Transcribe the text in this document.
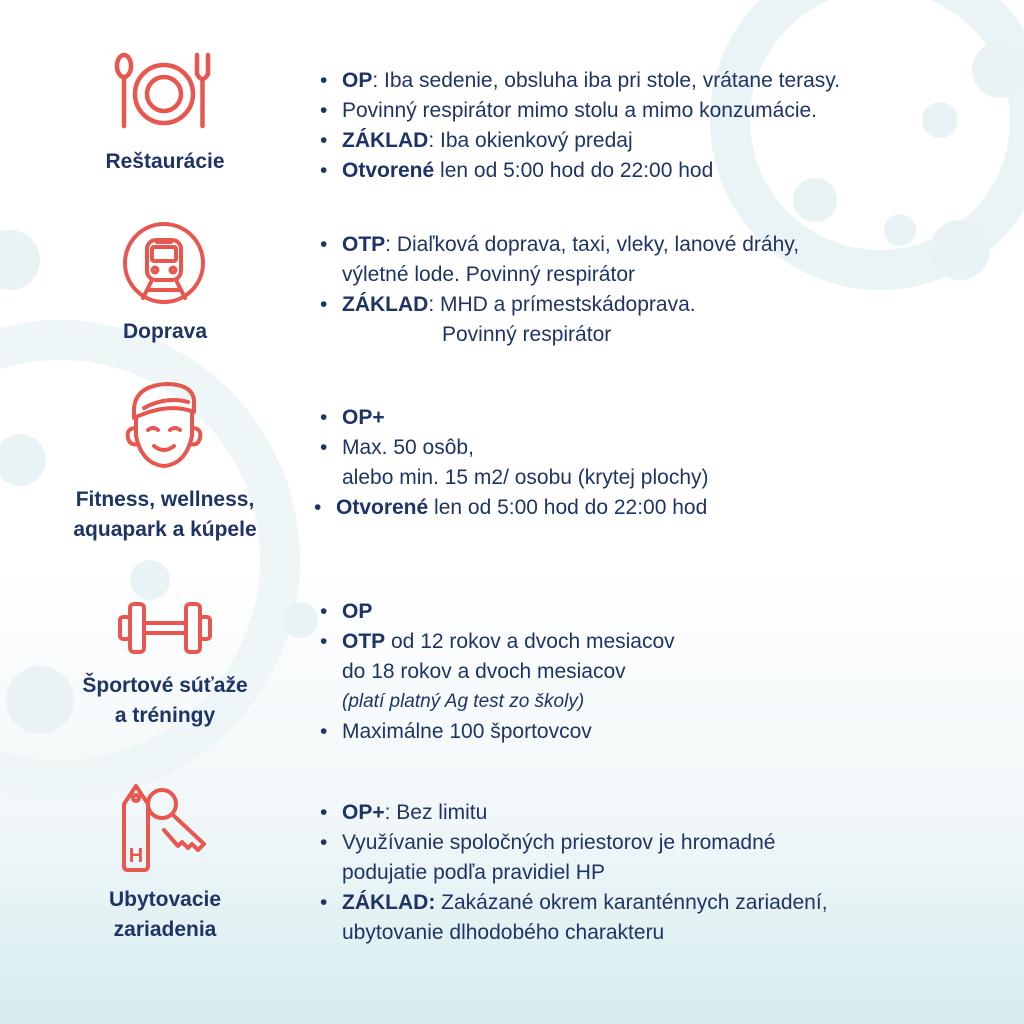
Reštaurácie
• OP: Iba sedenie, obsluha iba pri stole, vrátane terasy.
• Povinný respirátor mimo stolu a mimo konzumácie.
• ZÁKLAD: Iba okienkový predaj
• Otvorené len od 5:00 hod do 22:00 hod
Doprava
• OTP: Diaľková doprava, taxi, vleky, lanové dráhy,
výletné lode. Povinný respirátor
• ZÁKLAD: MHD a prímestskádoprava.
Povinný respirátor
Fitness, wellness,
aquapark a kúpele
• OP+
• Max. 50 osôb,
alebo min. 15 m2/ osobu (krytej plochy)
• Otvorené len od 5:00 hod do 22:00 hod
Športové súťaže
a tréningy
• OP
• OTP od 12 rokov a dvoch mesiacov
do 18 rokov a dvoch mesiacov
(platí platný Ag test zo školy)
• Maximálne 100 športovcov
H
Ubytovacie
zariadenia
• OP+: Bez limitu
• Využívanie spoločných priestorov je hromadné
podujatie podľa pravidiel HP
• ZÁKLAD: Zakázané okrem karanténnych zariadení,
ubytovanie dlhodobého charakteru
